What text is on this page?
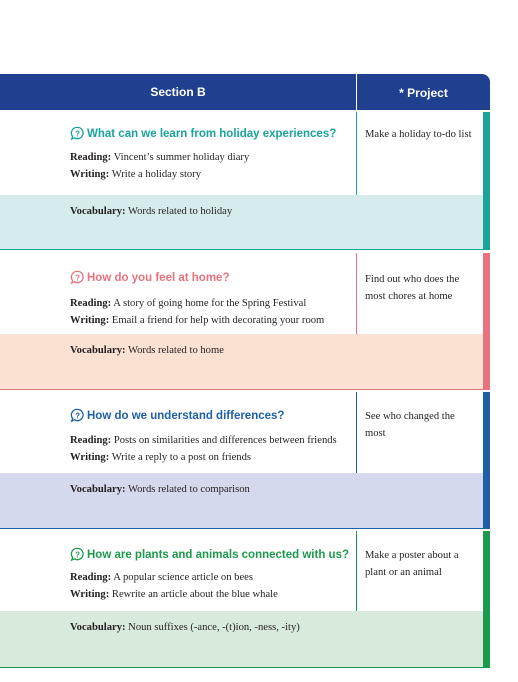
Section B	* Project
Vocabulary: Words related to holiday
? What can we learn from holiday experiences?
Reading: Vincent’s summer holiday diary
Writing: Write a holiday story
Make a holiday to-do list
Vocabulary: Words related to home
? How do you feel at home?
Reading: A story of going home for the Spring Festival
Writing: Email a friend for help with decorating your room
Find out who does the most chores at home
Vocabulary: Words related to comparison
? How do we understand differences?
Reading: Posts on similarities and differences between friends
Writing: Write a reply to a post on friends
See who changed the most
Vocabulary: Noun suffixes (-ance, -(t)ion, -ness, -ity)
? How are plants and animals connected with us?
Reading: A popular science article on bees
Writing: Rewrite an article about the blue whale
Make a poster about a plant or an animal
